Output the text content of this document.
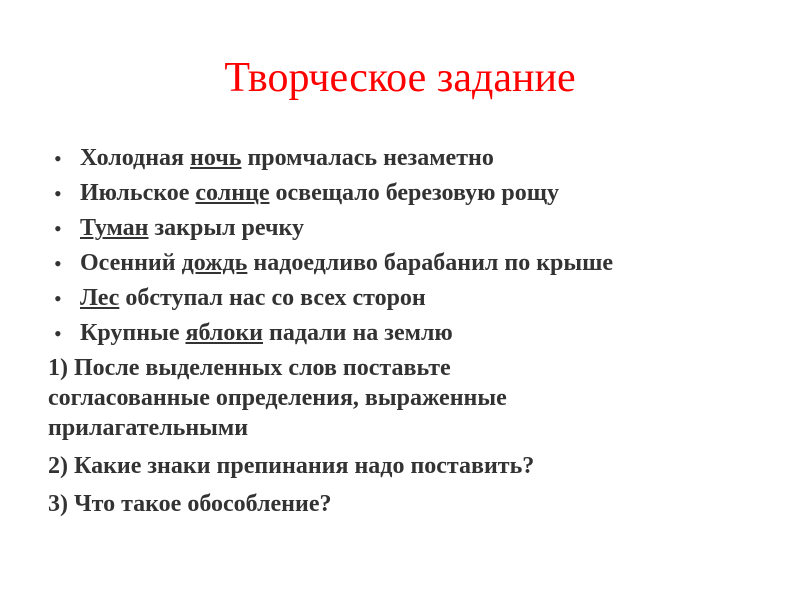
Творческое задание
• Холодная ночь промчалась незаметно
• Июльское солнце освещало березовую рощу
• Туман закрыл речку
• Осенний дождь надоедливо барабанил по крыше
• Лес обступал нас со всех сторон
• Крупные яблоки падали на землю
1) После выделенных слов поставьте
согласованные определения, выраженные
прилагательными
2) Какие знаки препинания надо поставить?
3) Что такое обособление?
